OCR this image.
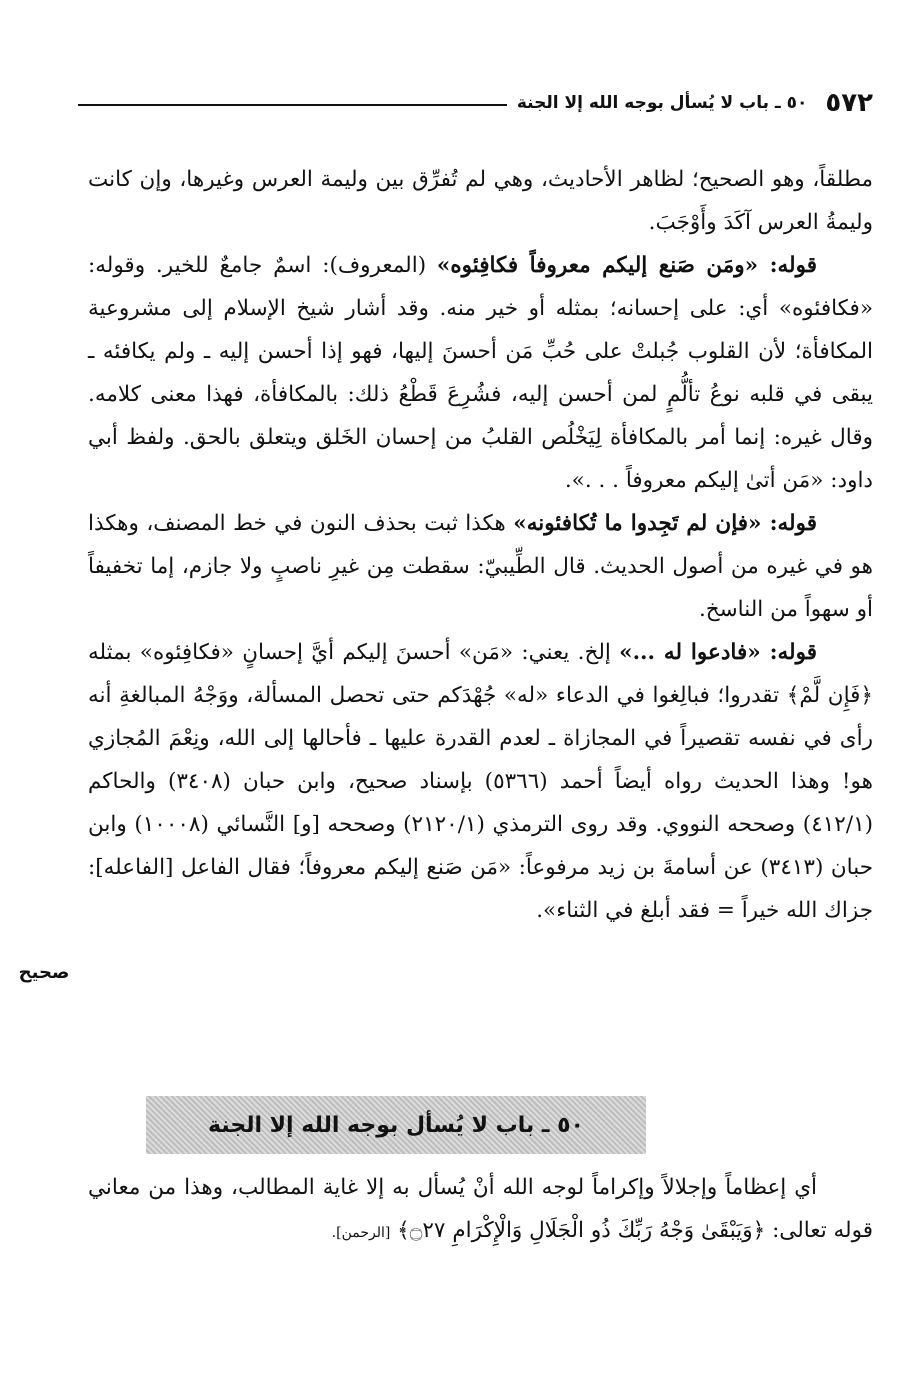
٥٧٢
٥٠ ـ باب لا يُسأل بوجه الله إلا الجنة

مطلقاً، وهو الصحيح؛ لظاهر الأحاديث، وهي لم تُفرِّق بين وليمة العرس وغيرها، وإن كانت وليمةُ العرس آكَدَ وأَوْجَبَ.

قوله: «ومَن صَنع إليكم معروفاً فكافِئوه» (المعروف): اسمٌ جامعٌ للخير. وقوله: «فكافئوه» أي: على إحسانه؛ بمثله أو خير منه. وقد أشار شيخ الإسلام إلى مشروعية المكافأة؛ لأن القلوب جُبلتْ على حُبِّ مَن أحسنَ إليها، فهو إذا أحسن إليه ـ ولم يكافئه ـ يبقى في قلبه نوعُ تألُّمٍ لمن أحسن إليه، فشُرِعَ قَطْعُ ذلك: بالمكافأة، فهذا معنى كلامه. وقال غيره: إنما أمر بالمكافأة لِيَخْلُص القلبُ من إحسان الخَلق ويتعلق بالحق. ولفظ أبي داود: «مَن أتىٰ إليكم معروفاً . . .».

قوله: «فإن لم تَجِدوا ما تُكافئونه» هكذا ثبت بحذف النون في خط المصنف، وهكذا هو في غيره من أصول الحديث. قال الطِّيبيّ: سقطت مِن غيرِ ناصبٍ ولا جازم، إما تخفيفاً أو سهواً من الناسخ.

قوله: «فادعوا له ...» إلخ. يعني: «مَن» أحسنَ إليكم أيَّ إحسانٍ «فكافِئوه» بمثله ﴿فَإِن لَّمْ﴾ تقدروا؛ فبالِغوا في الدعاء «له» جُهْدَكم حتى تحصل المسألة، ووَجْهُ المبالغةِ أنه رأى في نفسه تقصيراً في المجازاة ـ لعدم القدرة عليها ـ فأحالها إلى الله، ونِعْمَ المُجازي هو! وهذا الحديث رواه أيضاً أحمد (٥٣٦٦) بإسناد صحيح، وابن حبان (٣٤٠٨) والحاكم (٤١٢/١) وصححه النووي. وقد روى الترمذي (٢١٢٠/١) وصححه [و] النَّسائي (١٠٠٠٨) وابن حبان (٣٤١٣) عن أسامةَ بن زيد مرفوعاً: «مَن صَنع إليكم معروفاً؛ فقال الفاعل [الفاعله]: جزاك الله خيراً = فقد أبلغ في الثناء».

صحيح
٥٠ ـ باب لا يُسأل بوجه الله إلا الجنة

أي إعظاماً وإجلالاً وإكراماً لوجه الله أنْ يُسأل به إلا غاية المطالب، وهذا من معاني قوله تعالى: ﴿وَيَبْقَىٰ وَجْهُ رَبِّكَ ذُو الْجَلَالِ وَالْإِكْرَامِ ۝٢٧﴾ [الرحمن].
